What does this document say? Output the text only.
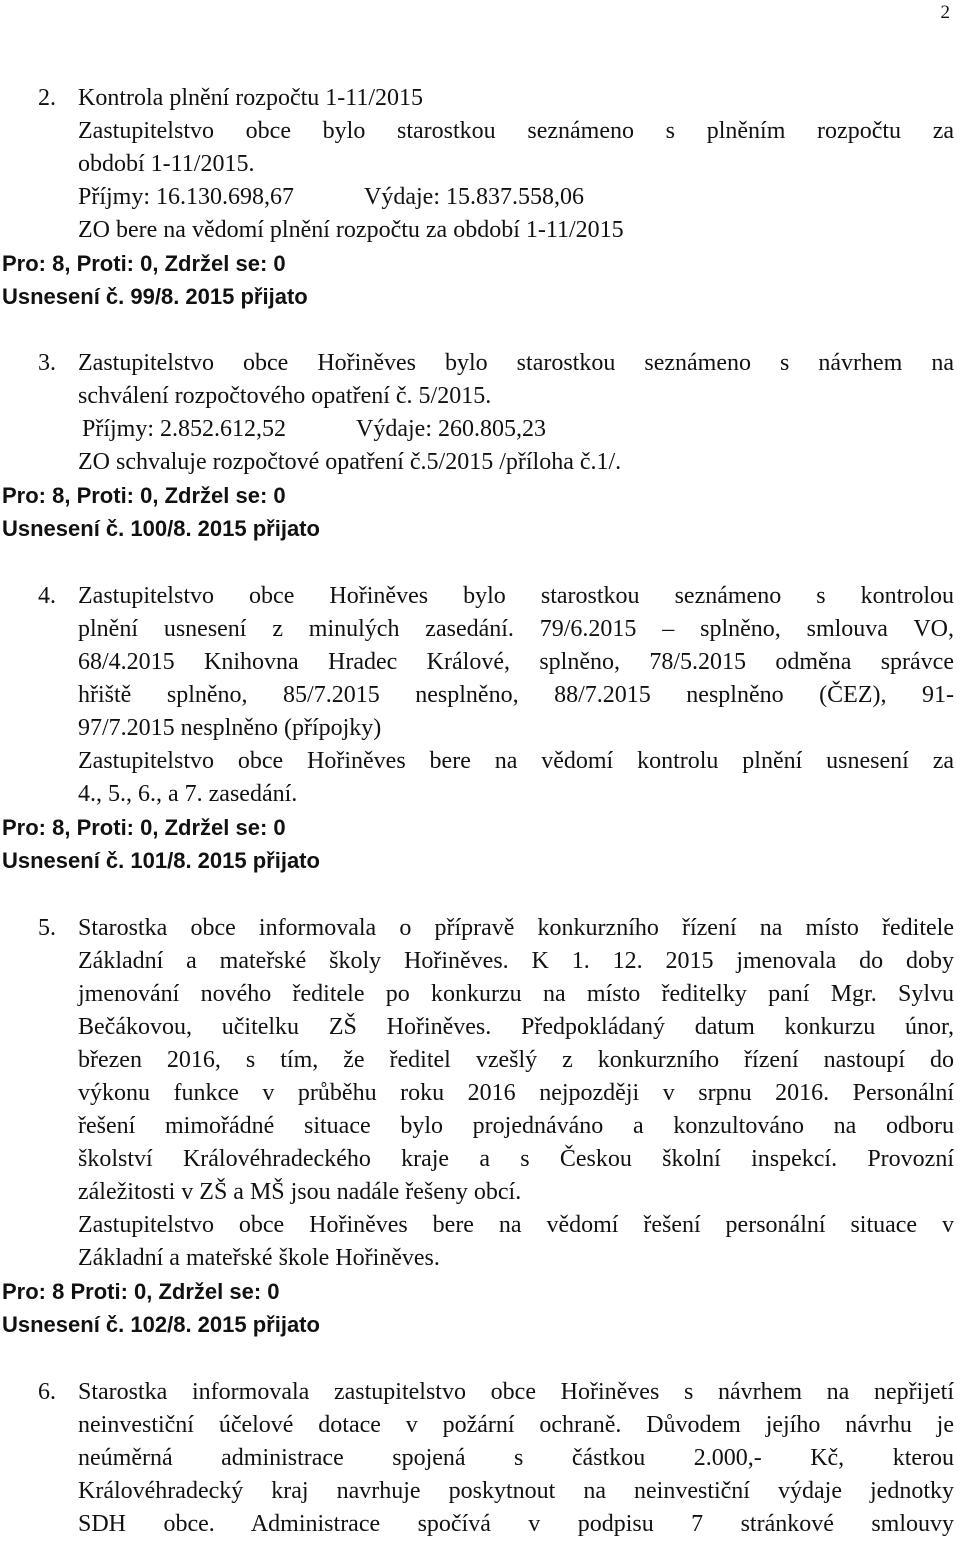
2
2. Kontrola plnění rozpočtu 1-11/2015
Zastupitelstvo obce bylo starostkou seznámeno s plněním rozpočtu za
období 1-11/2015.
Příjmy: 16.130.698,67	Výdaje: 15.837.558,06
ZO bere na vědomí plnění rozpočtu za období 1-11/2015
Pro: 8, Proti: 0, Zdržel se: 0
Usnesení č. 99/8. 2015 přijato
3. Zastupitelstvo obce Hořiněves bylo starostkou seznámeno s návrhem na
schválení rozpočtového opatření č. 5/2015.
Příjmy: 2.852.612,52	Výdaje: 260.805,23
ZO schvaluje rozpočtové opatření č.5/2015 /příloha č.1/.
Pro: 8, Proti: 0, Zdržel se: 0
Usnesení č. 100/8. 2015 přijato
4. Zastupitelstvo obce Hořiněves bylo starostkou seznámeno s kontrolou
plnění usnesení z minulých zasedání. 79/6.2015 – splněno, smlouva VO,
68/4.2015 Knihovna Hradec Králové, splněno, 78/5.2015 odměna správce
hřiště splněno, 85/7.2015 nesplněno, 88/7.2015 nesplněno (ČEZ), 91-
97/7.2015 nesplněno (přípojky)
Zastupitelstvo obce Hořiněves bere na vědomí kontrolu plnění usnesení za
4., 5., 6., a 7. zasedání.
Pro: 8, Proti: 0, Zdržel se: 0
Usnesení č. 101/8. 2015 přijato
5. Starostka obce informovala o přípravě konkurzního řízení na místo ředitele
Základní a mateřské školy Hořiněves. K 1. 12. 2015 jmenovala do doby
jmenování nového ředitele po konkurzu na místo ředitelky paní Mgr. Sylvu
Bečákovou, učitelku ZŠ Hořiněves. Předpokládaný datum konkurzu únor,
březen 2016, s tím, že ředitel vzešlý z konkurzního řízení nastoupí do
výkonu funkce v průběhu roku 2016 nejpozději v srpnu 2016. Personální
řešení mimořádné situace bylo projednáváno a konzultováno na odboru
školství Královéhradeckého kraje a s Českou školní inspekcí. Provozní
záležitosti v ZŠ a MŠ jsou nadále řešeny obcí.
Zastupitelstvo obce Hořiněves bere na vědomí řešení personální situace v
Základní a mateřské škole Hořiněves.
Pro: 8 Proti: 0, Zdržel se: 0
Usnesení č. 102/8. 2015 přijato
6. Starostka informovala zastupitelstvo obce Hořiněves s návrhem na nepřijetí
neinvestiční účelové dotace v požární ochraně. Důvodem jejího návrhu je
neúměrná administrace spojená s částkou 2.000,- Kč, kterou
Královéhradecký kraj navrhuje poskytnout na neinvestiční výdaje jednotky
SDH obce. Administrace spočívá v podpisu 7 stránkové smlouvy
